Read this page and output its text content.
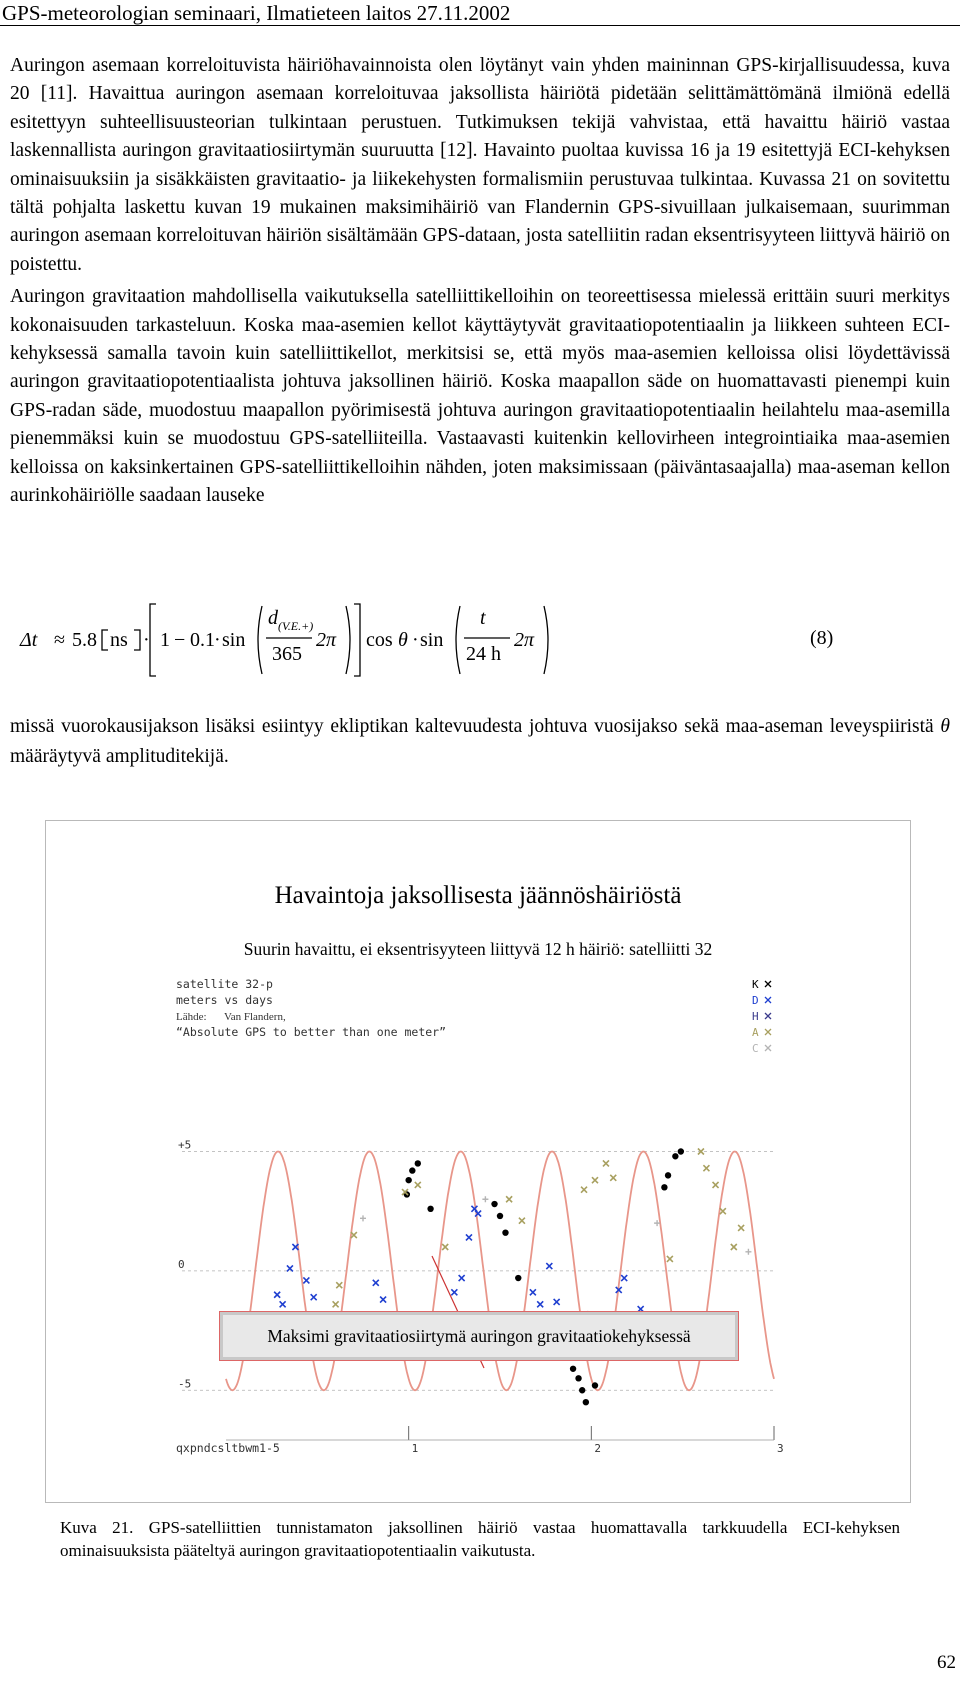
GPS-meteorologian seminaari, Ilmatieteen laitos 27.11.2002

Auringon asemaan korreloituvista häiriöhavainnoista olen löytänyt vain yhden maininnan GPS-kirjallisuudessa, kuva 20 [11]. Havaittua auringon asemaan korreloituvaa jaksollista häiriötä pidetään selittämättömänä ilmiönä edellä esitettyyn suhteellisuusteorian tulkintaan perustuen. Tutkimuksen tekijä vahvistaa, että havaittu häiriö vastaa laskennallista auringon gravitaatiosiirtymän suuruutta [12]. Havainto puoltaa kuvissa 16 ja 19 esitettyjä ECI-kehyksen ominaisuuksiin ja sisäkkäisten gravitaatio- ja liikekehysten formalismiin perustuvaa tulkintaa. Kuvassa 21 on sovitettu tältä pohjalta laskettu kuvan 19 mukainen maksimihäiriö van Flandernin GPS-sivuillaan julkaisemaan, suurimman auringon asemaan korreloituvan häiriön sisältämään GPS-dataan, josta satelliitin radan eksentrisyyteen liittyvä häiriö on poistettu.

Auringon gravitaation mahdollisella vaikutuksella satelliittikelloihin on teoreettisessa mielessä erittäin suuri merkitys kokonaisuuden tarkasteluun. Koska maa-asemien kellot käyttäytyvät gravitaatiopotentiaalin ja liikkeen suhteen ECI-kehyksessä samalla tavoin kuin satelliittikellot, merkitsisi se, että myös maa-asemien kelloissa olisi löydettävissä auringon gravitaatiopotentiaalista johtuva jaksollinen häiriö. Koska maapallon säde on huomattavasti pienempi kuin GPS-radan säde, muodostuu maapallon pyörimisestä johtuva auringon gravitaatiopotentiaalin heilahtelu maa-asemilla pienemmäksi kuin se muodostuu GPS-satelliiteilla. Vastaavasti kuitenkin kellovirheen integrointiaika maa-asemien kelloissa on kaksinkertainen GPS-satelliittikelloihin nähden, joten maksimissaan (päiväntasaajalla) maa-aseman kellon aurinkohäiriölle saadaan lauseke

Δt ≈ 5.8 ns · 1 − 0.1 · sin
d (V.E.+)
365
2π cos θ · sin
t
24 h
2π	(8)
missä vuorokausijakson lisäksi esiintyy ekliptikan kaltevuudesta johtuva vuosijakso sekä maa-aseman leveyspiiristä θ määräytyvä amplituditekijä.
Havaintoja jaksollisesta jäännöshäiriöstä
Suurin havaittu, ei eksentrisyyteen liittyvä 12 h häiriö: satelliitti 32
satellite 32-p
meters vs days
Lähde: Van Flandern,
“Absolute GPS to better than one meter”
qxpndcsltbwm1-5
K
D
H
A
C
+5
0
-5
1	2	3
Maksimi gravitaatiosiirtymä auringon gravitaatiokehyksessä
Kuva 21. GPS-satelliittien tunnistamaton jaksollinen häiriö vastaa huomattavalla tarkkuudella ECI-kehyksen ominaisuuksista pääteltyä auringon gravitaatiopotentiaalin vaikutusta.
62
